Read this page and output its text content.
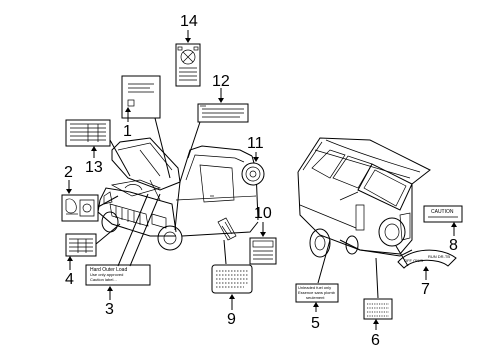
Hard Outer Load
Use only approved
Caution label...
Unleaded fuel only
Essence sans plomb
seulement
OFF ON/S
RUN DR-TB
CAUTION
14
1
12
13
11
2
4
3
10
9	5
6
7
8
